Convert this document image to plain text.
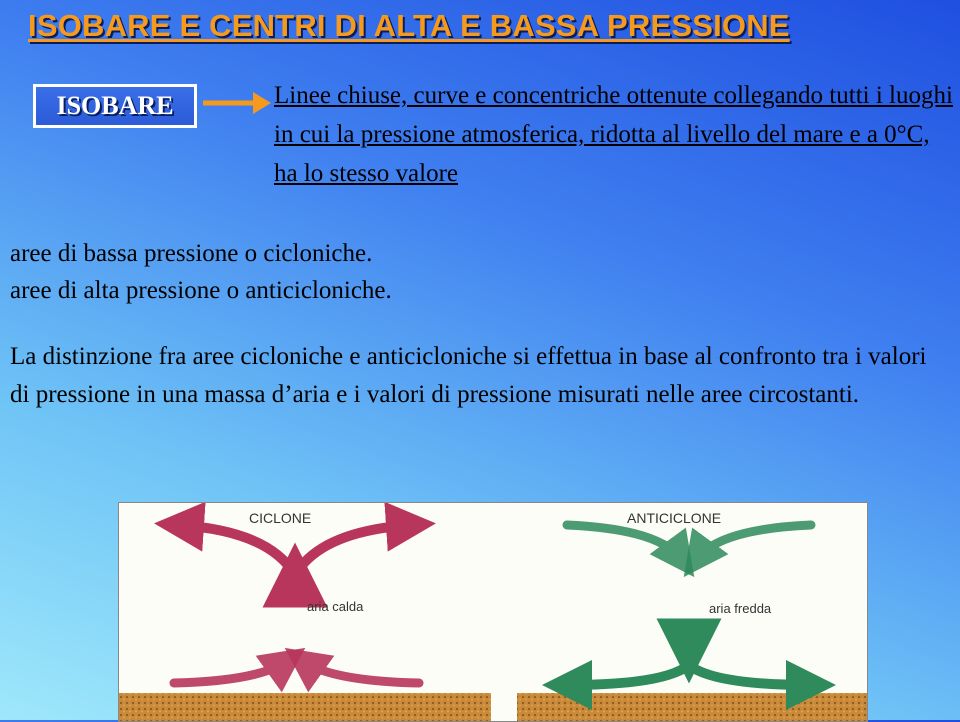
ISOBARE E CENTRI DI ALTA E BASSA PRESSIONE
ISOBARE	Linee chiuse, curve e concentriche ottenute collegando tutti i luoghi in cui la pressione atmosferica, ridotta al livello del mare e a 0°C, ha lo stesso valore
aree di bassa pressione o cicloniche.
aree di alta pressione o anticicloniche.
La distinzione fra aree cicloniche e anticicloniche si effettua in base al confronto tra i valori di pressione in una massa d’aria e i valori di pressione misurati nelle aree circostanti.
CICLONE
aria calda
ANTICICLONE
aria fredda
